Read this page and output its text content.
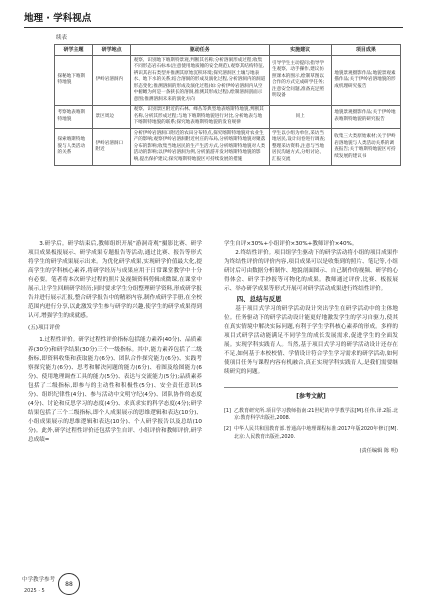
地理 · 学科视点
续表
研学主题	研学地点	驱动任务	实施建议	项目成果
探秘地下喀斯特地貌	伊岭岩溶洞内	观察、识别地下喀斯特景观,判断其名称;分析溶洞形成过程;收集不同形态岩石标本(注意使用地质锤的安全规范),观察其结构特征,辨识其岩石类型并推测其原始沉积环境;探究溶洞区土壤与地表水、地下水的关系;结合溶洞的形成及演化过程,分析溶洞内的洞道形态变化;推测溶洞的形成及演化过程(如:分析伊岭岩溶洞内从空中俯瞰为何是一条狭长的溶洞,推测其形成过程),绘制溶洞剖面示意图;推测溶洞未来的演化方向	引导学生主动提问;指导学生观察、动手操作,建议仿照课本的图示,绘制草图以合作的方式完成研学任务;注意安全问题,准备充足照明设备	地貌景观摄影作品;地貌景观素描作品;关于伊岭岩溶地貌的形成机理研究报告
考察地表喀斯特地貌	景区周边	观察、识别景区附近的石林、峰丛等典型地表喀斯特地貌,判断其名称,分析其形成过程;与地下喀斯特地貌进行对比,分析地表与地下喀斯特地貌的联系;探究地表喀斯特地貌的发育规律	同上	地貌景观摄影作品;关于伊岭地表喀斯特地貌的研究报告
探索喀斯特地貌与人类活动的关系	伊岭岩溶洞口附近	分析伊岭岩溶洞口附近的农田分布特点,探究喀斯特地貌对农业生产的影响;观察伊岭岩溶洞附近村庄的布局,分析喀斯特地貌对聚落分布的影响;收集当地居民的生产生活方式,分析喀斯特地貌对人类活动的影响;以伊岭岩溶洞为例,分析旅游开发对喀斯特地貌的影响,提出保护建议;探究喀斯特地貌区可持续发展的措施	学生以小组为单位,采访当地居民,设计问卷进行调查;整理采访资料,注意与当地居民沟通方式,分组讨论、汇报交流	收集三大类原始素材;关于伊岭岩溶地貌与人类活动关系的调查报告;关于喀斯特地貌区可持续发展的建议书

3.研学后。研学结束后,教师组织开展“游洞奇观”摄影比赛、研学项目成果板报展示、研学成果专题报告等活动,通过比赛、报告等形式将学生的研学成果展示出来。为优化研学成果,实现研学价值最大化,提高学生的学科核心素养,将研学经历与成果应用于日常课堂教学中十分有必要。笔者将本次研学过程的照片及视频资料剪辑成微课,在课堂中展示,让学生回顾研学经历;同时要求学生分组整理研学资料,形成研学报告并进行展示汇报,整合研学报告中的精彩内容,制作成研学手册,在全校范围内进行分享,以此激发学生参与研学的兴趣,使学生的研学成果得到认可,增强学生的成就感。

(五)项目评价

1.过程性评价。研学过程性评价指标包括能力素养(40分)、品质素养(30分)和研学结果(30分)三个一级指标。其中,能力素养包括了二级指标,即资料收集和获取能力(6分)、团队合作探究能力(6分)、实践考察探究能力(6分)、思考和解决问题的能力(6分)、看图及绘图能力(6分)、使用地理调查工具的能力(5分)、表达与交流能力(5分);品质素养包括了二级指标,即参与的主动性和积极性(5分)、安全责任意识(5分)、组织纪律性(4分)、参与活动中文明守纪(4分)、团队协作的态度(4分)、讨论和反思学习的态度(4分)、求真求实的科学态度(4分);研学结果包括了三个二级指标,即个人成果展示的思维逻辑和表达(10分)、小组成果展示的思维逻辑和表达(10分)、个人研学报告以及总结(10分)。此外,研学过程性评价还包括学生自评、小组评价和教师评价,研学总成绩=

学生自评×30%+小组评价×30%+教师评价×40%。

2.终结性评价。项目组学生驱动下的研学活动将小组的项目成果作为终结性评价的评价内容,项目成果可以是收集到的照片、笔记等,小组研讨后可由数据分析制作、地貌剖面图示、自己制作的视频、研学的心得体会、研学手抄报等可物化的成果。教师通过评价,比赛、板报展示、举办研学成果等形式开展可对研学活动成果进行终结性评价。

四、总结与反思

基于项目式学习的研学活动设计突出学生在研学活动中的主体地位。任务驱动下的研学活动设计能更好地激发学生的学习自驱力,使其在真实情境中解决实际问题,有利于学生学科核心素养的形成。多样的项目式研学活动能满足不同学生的成长发展需求,促进学生的全面发展。实现学科实践育人。当然,基于项目式学习的研学活动设计还存在不足,如何基于本校校情、学情设计符合学生学习需求的研学活动,如何使项目任务与课程内容有机融合,真正实现学科实践育人,是我们需要继续研究的问题。

[参考文献]
[1] 乙教育研究所.项目学习教师指南:21世纪的中学教学法[M].任伟,译.2版.北京:教育科学出版社,2008.
[2] 中华人民共和国教育部.普通高中地理课程标准:2017年版2020年修订[M].北京:人民教育出版社,2020.
(责任编辑 陈 明)
中学教学参考
2025 · 5
88
